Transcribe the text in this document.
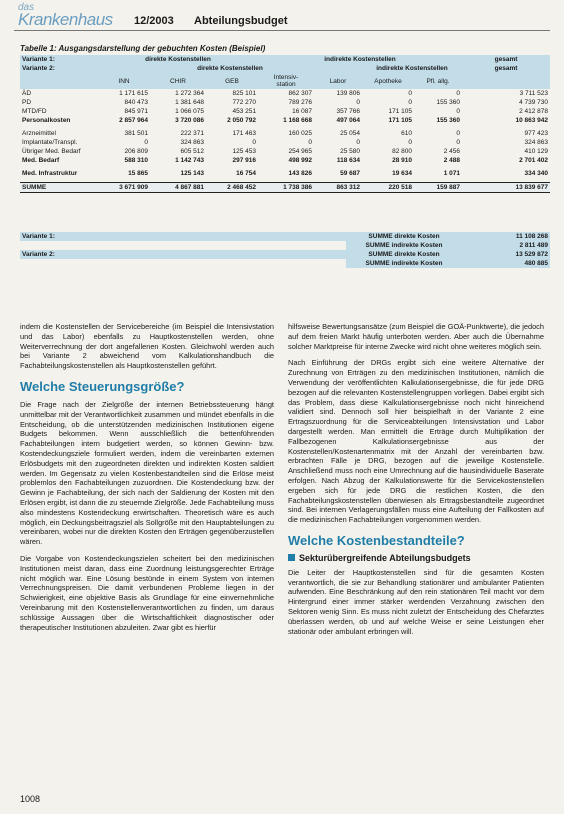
das
Krankenhaus 12/2003 Abteilungsbudget
Tabelle 1: Ausgangsdarstellung der gebuchten Kosten (Beispiel)
Variante 1:	direkte Kostenstellen			indirekte Kostenstellen				gesamt
Variante 2:	direkte Kostenstellen					indirekte Kostenstellen		gesamt
	INN	CHIR	GEB	Intensiv-
station	Labor	Apotheke	Pfl. allg.	
ÄD	1 171 615	1 272 364	825 101	862 307	139 806	0	0	3 711 523
PD	840 473	1 381 648	772 270	789 276	0	0	155 360	4 739 730
MTD/FD	845 971	1 066 075	453 251	16 087	357 766	171 105	0	2 412 878
Personalkosten	2 857 964	3 720 086	2 050 792	1 168 668	497 064	171 105	155 360	10 863 942

Arzneimittel	381 501	222 371	171 463	160 025	25 054	610	0	977 423
Implantate/Transpl.	0	324 863	0	0	0	0	0	324 863
Übriger Med. Bedarf	206 809	605 512	125 453	254 965	25 580	82 800	2 456	410 129
Med. Bedarf	588 310	1 142 743	297 916	498 992	118 634	28 910	2 488	2 701 402

Med. Infrastruktur	15 865	125 143	16 754	143 826	59 687	19 634	1 071	334 340

SUMME	3 671 909	4 867 881	2 468 452	1 738 386	863 312	220 518	159 887	13 839 677
Variante 1:		SUMME direkte Kosten	11 108 268
		SUMME indirekte Kosten	2 811 489
Variante 2:		SUMME direkte Kosten	13 529 872
		SUMME indirekte Kosten	480 885

indem die Kostenstellen der Servicebereiche (im Beispiel die Intensivstation und das Labor) ebenfalls zu Hauptkostenstellen werden, ohne Weiterverrechnung der dort angefallenen Kosten. Gleichwohl werden auch bei Variante 2 abweichend vom Kalkulationshandbuch die Fachabteilungskostenstellen als Hauptkostenstellen geführt.

Welche Steuerungsgröße?

Die Frage nach der Zielgröße der internen Betriebssteuerung hängt unmittelbar mit der Verantwortlichkeit zusammen und mündet ebenfalls in die Entscheidung, ob die unterstützenden medizinischen Institutionen eigene Budgets bekommen. Wenn ausschließlich die bettenführenden Fachabteilungen intern budgetiert werden, so können Gewinn- bzw. Kostendeckungsziele formuliert werden, indem die vereinbarten externen Erlösbudgets mit den zugeordneten direkten und indirekten Kosten saldiert werden. Im Gegensatz zu vielen Kostenbestandteilen sind die Erlöse meist problemlos den Fachabteilungen zuzuordnen. Die Kostendeckung bzw. der Gewinn je Fachabteilung, der sich nach der Saldierung der Kosten mit den Erlösen ergibt, ist dann die zu steuernde Zielgröße. Jede Fachabteilung muss also mindestens Kostendeckung erwirtschaften. Theoretisch wäre es auch möglich, ein Deckungsbeitragsziel als Sollgröße mit den Hauptabteilungen zu vereinbaren, wobei nur die direkten Kosten den Erträgen gegenüberzustellen wären.

Die Vorgabe von Kostendeckungszielen scheitert bei den medizinischen Institutionen meist daran, dass eine Zuordnung leistungsgerechter Erträge nicht möglich war. Eine Lösung bestünde in einem System von internen Verrechnungspreisen. Die damit verbundenen Probleme liegen in der Schwierigkeit, eine objektive Basis als Grundlage für eine einvernehmliche Vereinbarung mit den Kostenstellenverantwortlichen zu finden, um daraus schlüssige Aussagen über die Wirtschaftlichkeit diagnostischer oder therapeutischer Institutionen abzuleiten. Zwar gibt es hierfür

hilfsweise Bewertungsansätze (zum Beispiel die GOÄ-Punktwerte), die jedoch auf dem freien Markt häufig unterboten werden. Aber auch die Übernahme solcher Marktpreise für interne Zwecke wird nicht ohne weiteres möglich sein.

Nach Einführung der DRGs ergibt sich eine weitere Alternative der Zurechnung von Erträgen zu den medizinischen Institutionen, nämlich die Verwendung der veröffentlichten Kalkulationsergebnisse, die für jede DRG bezogen auf die relevanten Kostenstellengruppen vorliegen. Dabei ergibt sich das Problem, dass diese Kalkulationsergebnisse noch nicht hinreichend validiert sind. Dennoch soll hier beispielhaft in der Variante 2 eine Ertragszuordnung für die Serviceabteilungen Intensivstation und Labor dargestellt werden. Man ermittelt die Erträge durch Multiplikation der Fallbezogenen Kalkulationsergebnisse aus der Kostenstellen/Kostenartenmatrix mit der Anzahl der vereinbarten bzw. erbrachten Fälle je DRG, bezogen auf die jeweilige Kostenstelle. Anschließend muss noch eine Umrechnung auf die hausindividuelle Baserate erfolgen. Nach Abzug der Kalkulationswerte für die Servicekostenstellen ergeben sich für jede DRG die restlichen Kosten, die den Fachabteilungskostenstellen überwiesen als Ertragsbestandteile zugeordnet sind. Bei internen Verlagerungsfällen muss eine Aufteilung der Fallkosten auf die medizinischen Fachabteilungen vorgenommen werden.

Welche Kostenbestandteile?
Sekturübergreifende Abteilungsbudgets

Die Leiter der Hauptkostenstellen sind für die gesamten Kosten verantwortlich, die sie zur Behandlung stationärer und ambulanter Patienten aufwenden. Eine Beschränkung auf den rein stationären Teil macht vor dem Hintergrund einer immer stärker werdenden Verzahnung zwischen den Sektoren wenig Sinn. Es muss nicht zuletzt der Entscheidung des Chefarztes überlassen werden, ob und auf welche Weise er seine Leistungen eher stationär oder ambulant erbringen will.

1008
